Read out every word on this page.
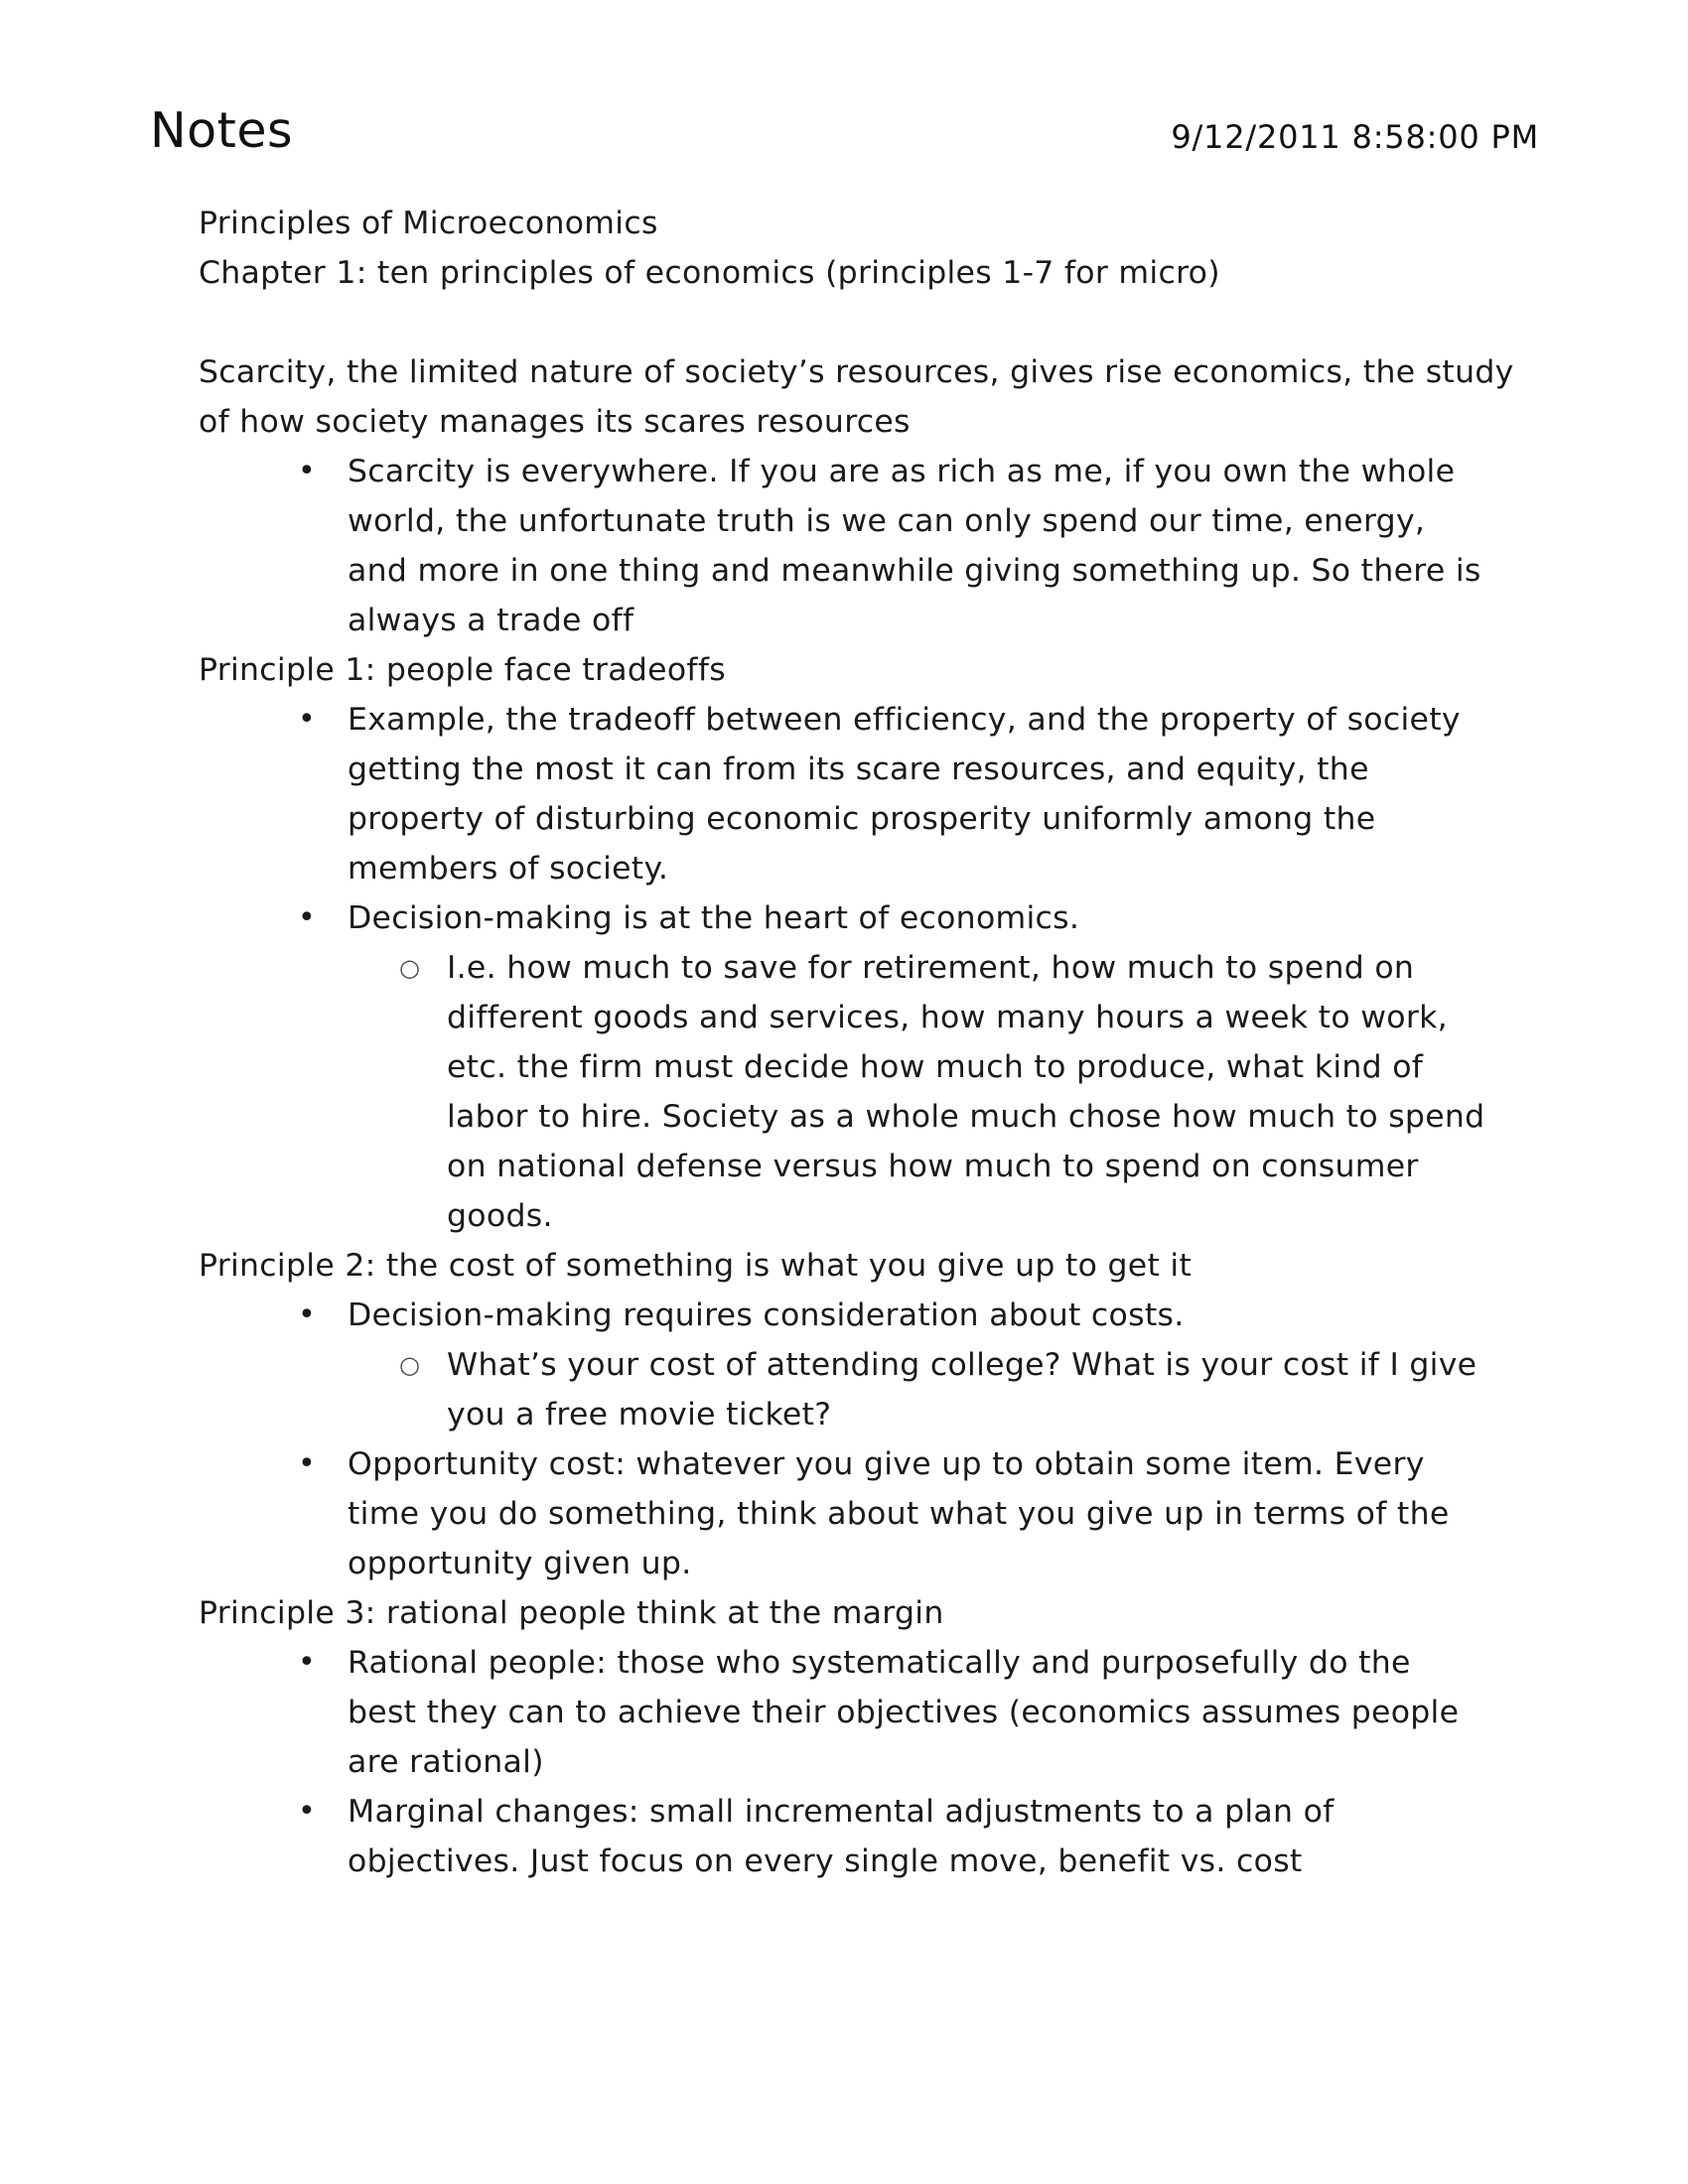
Notes	9/12/2011 8:58:00 PM
Principles of Microeconomics
Chapter 1: ten principles of economics (principles 1-7 for micro)
Scarcity, the limited nature of society’s resources, gives rise economics, the study of how society manages its scares resources
• Scarcity is everywhere. If you are as rich as me, if you own the whole world, the unfortunate truth is we can only spend our time, energy, and more in one thing and meanwhile giving something up. So there is always a trade off
Principle 1: people face tradeoffs
• Example, the tradeoff between efficiency, and the property of society getting the most it can from its scare resources, and equity, the property of disturbing economic prosperity uniformly among the members of society.
• Decision-making is at the heart of economics.
○ I.e. how much to save for retirement, how much to spend on different goods and services, how many hours a week to work, etc. the firm must decide how much to produce, what kind of labor to hire. Society as a whole much chose how much to spend on national defense versus how much to spend on consumer goods.
Principle 2: the cost of something is what you give up to get it
• Decision-making requires consideration about costs.
○ What’s your cost of attending college? What is your cost if I give you a free movie ticket?
• Opportunity cost: whatever you give up to obtain some item. Every time you do something, think about what you give up in terms of the opportunity given up.
Principle 3: rational people think at the margin
• Rational people: those who systematically and purposefully do the best they can to achieve their objectives (economics assumes people are rational)
• Marginal changes: small incremental adjustments to a plan of objectives. Just focus on every single move, benefit vs. cost
